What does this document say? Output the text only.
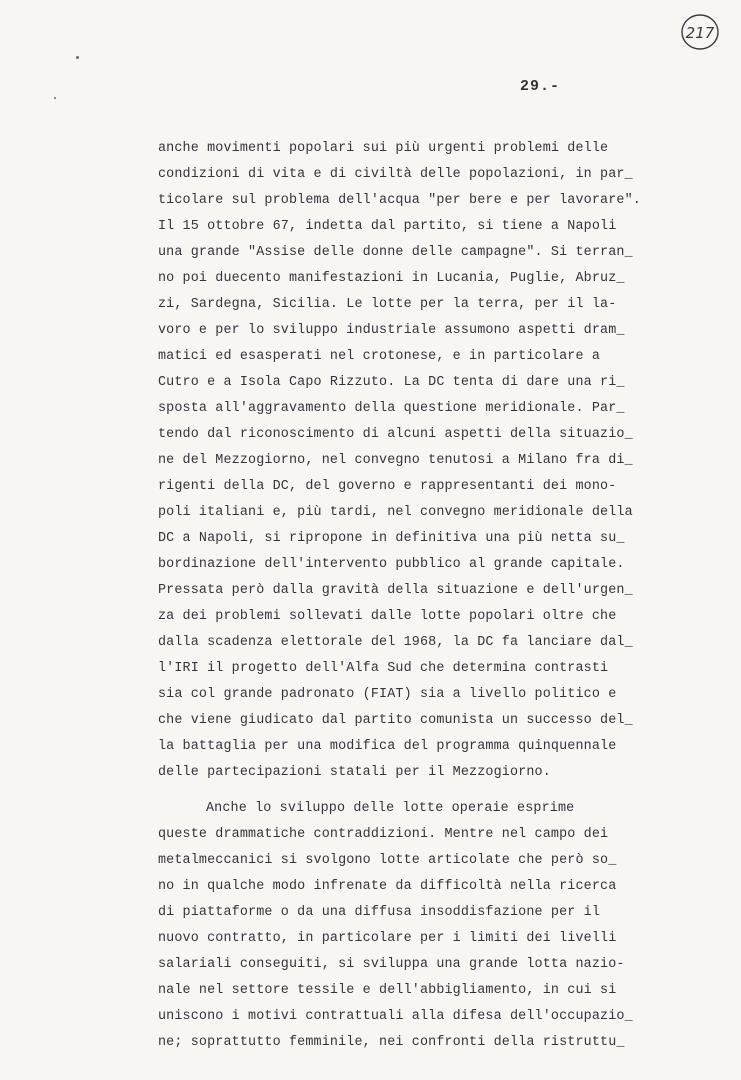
217
29.-
anche movimenti popolari sui più urgenti problemi delle
condizioni di vita e di civiltà delle popolazioni, in par_
ticolare sul problema dell'acqua "per bere e per lavorare".
Il 15 ottobre 67, indetta dal partito, si tiene a Napoli
una grande "Assise delle donne delle campagne". Si terran_
no poi duecento manifestazioni in Lucania, Puglie, Abruz_
zi, Sardegna, Sicilia. Le lotte per la terra, per il la-
voro e per lo sviluppo industriale assumono aspetti dram_
matici ed esasperati nel crotonese, e in particolare a
Cutro e a Isola Capo Rizzuto. La DC tenta di dare una ri_
sposta all'aggravamento della questione meridionale. Par_
tendo dal riconoscimento di alcuni aspetti della situazio_
ne del Mezzogiorno, nel convegno tenutosi a Milano fra di_
rigenti della DC, del governo e rappresentanti dei mono-
poli italiani e, più tardi, nel convegno meridionale della
DC a Napoli, si ripropone in definitiva una più netta su_
bordinazione dell'intervento pubblico al grande capitale.
Pressata però dalla gravità della situazione e dell'urgen_
za dei problemi sollevati dalle lotte popolari oltre che
dalla scadenza elettorale del 1968, la DC fa lanciare dal_
l'IRI il progetto dell'Alfa Sud che determina contrasti
sia col grande padronato (FIAT) sia a livello politico e
che viene giudicato dal partito comunista un successo del_
la battaglia per una modifica del programma quinquennale
delle partecipazioni statali per il Mezzogiorno.
Anche lo sviluppo delle lotte operaie esprime
queste drammatiche contraddizioni. Mentre nel campo dei
metalmeccanici si svolgono lotte articolate che però so_
no in qualche modo infrenate da difficoltà nella ricerca
di piattaforme o da una diffusa insoddisfazione per il
nuovo contratto, in particolare per i limiti dei livelli
salariali conseguiti, si sviluppa una grande lotta nazio-
nale nel settore tessile e dell'abbigliamento, in cui si
uniscono i motivi contrattuali alla difesa dell'occupazio_
ne; soprattutto femminile, nei confronti della ristruttu_
